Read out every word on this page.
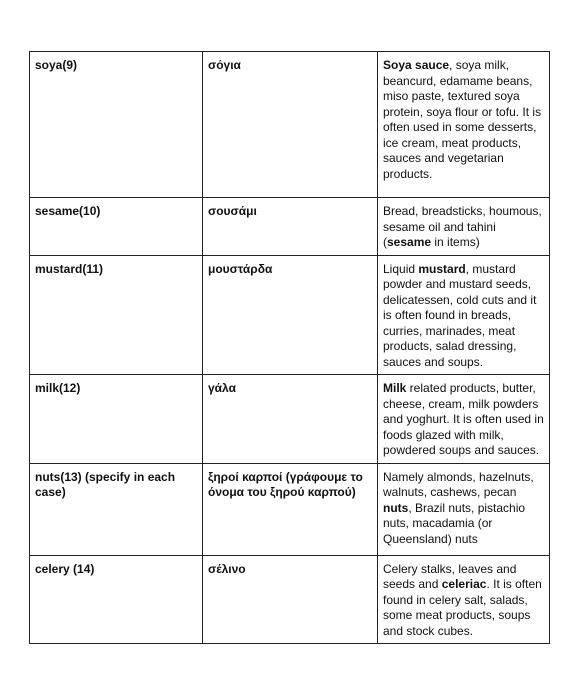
soya(9)	σόγια	Soya sauce, soya milk, beancurd, edamame beans, miso paste, textured soya protein, soya flour or tofu. It is often used in some desserts, ice cream, meat products, sauces and vegetarian products.
sesame(10)	σουσάμι	Bread, breadsticks, houmous, sesame oil and tahini (sesame in items)
mustard(11)	μουστάρδα	Liquid mustard, mustard powder and mustard seeds, delicatessen, cold cuts and it is often found in breads, curries, marinades, meat products, salad dressing, sauces and soups.
milk(12)	γάλα	Milk related products, butter, cheese, cream, milk powders and yoghurt. It is often used in foods glazed with milk, powdered soups and sauces.
nuts(13) (specify in each case)	ξηροί καρποί (γράφουμε το όνομα του ξηρού καρπού)	Namely almonds, hazelnuts, walnuts, cashews, pecan nuts, Brazil nuts, pistachio nuts, macadamia (or Queensland) nuts
celery (14)	σέλινο	Celery stalks, leaves and seeds and celeriac. It is often found in celery salt, salads, some meat products, soups and stock cubes.
